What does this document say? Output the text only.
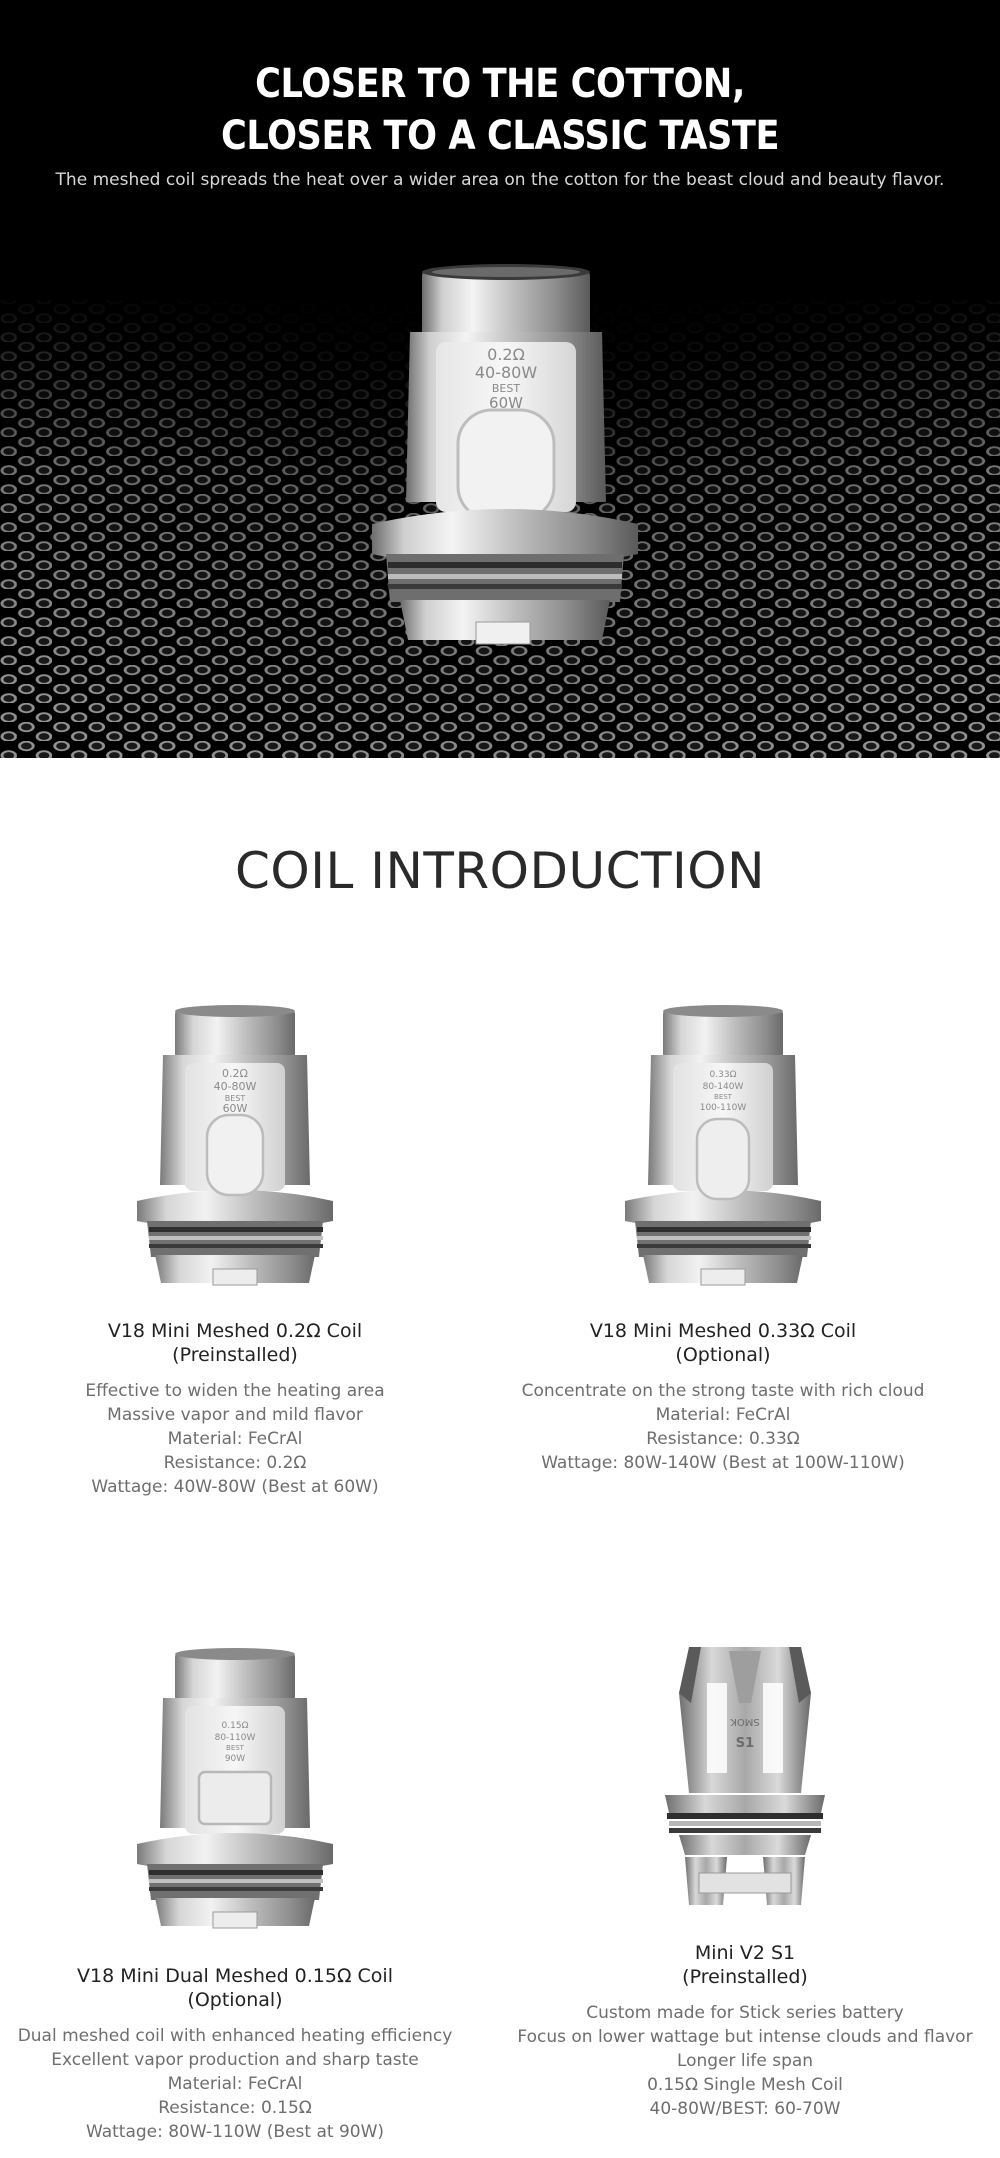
CLOSER TO THE COTTON,
CLOSER TO A CLASSIC TASTE

The meshed coil spreads the heat over a wider area on the cotton for the beast cloud and beauty flavor.

0.2Ω
40-80W
BEST
60W
COIL INTRODUCTION
0.2Ω
40-80W
BEST
60W
V18 Mini Meshed 0.2Ω Coil
(Preinstalled)
Effective to widen the heating area
Massive vapor and mild flavor
Material: FeCrAl
Resistance: 0.2Ω
Wattage: 40W-80W (Best at 60W)
0.33Ω
80-140W
BEST
100-110W
V18 Mini Meshed 0.33Ω Coil
(Optional)
Concentrate on the strong taste with rich cloud
Material: FeCrAl
Resistance: 0.33Ω
Wattage: 80W-140W (Best at 100W-110W)
0.15Ω
80-110W
BEST
90W
V18 Mini Dual Meshed 0.15Ω Coil
(Optional)
Dual meshed coil with enhanced heating efficiency
Excellent vapor production and sharp taste
Material: FeCrAl
Resistance: 0.15Ω
Wattage: 80W-110W (Best at 90W)
SMOK
S1
Mini V2 S1
(Preinstalled)
Custom made for Stick series battery
Focus on lower wattage but intense clouds and flavor
Longer life span
0.15Ω Single Mesh Coil
40-80W/BEST: 60-70W
